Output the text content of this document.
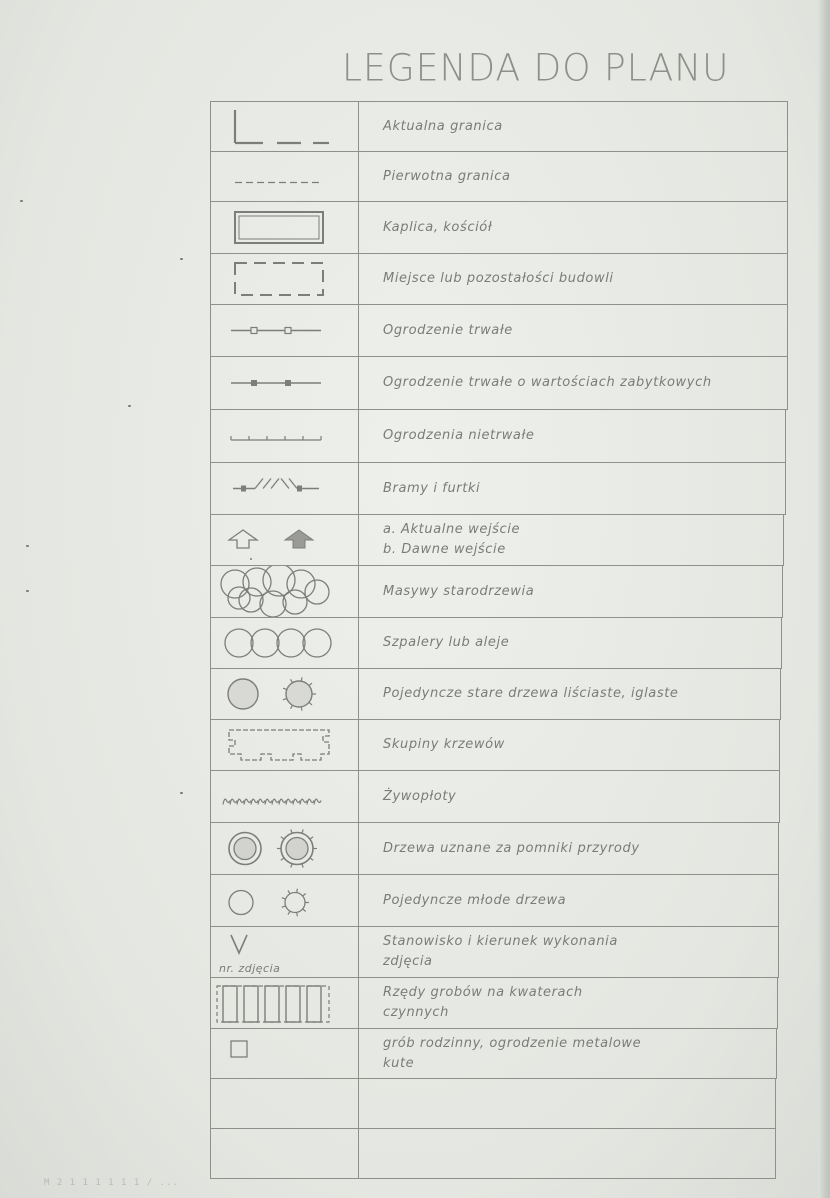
LEGENDA DO PLANU
Aktualna granica
Pierwotna granica
Kaplica, kościół
Miejsce lub pozostałości budowli
Ogrodzenie trwałe
Ogrodzenie trwałe o wartościach zabytkowych
Ogrodzenia nietrwałe
Bramy i furtki
a. Aktualne wejście
b. Dawne wejście
Masywy starodrzewia
Szpalery lub aleje
Pojedyncze stare drzewa liściaste, iglaste
Skupiny krzewów
Żywopłoty
Drzewa uznane za pomniki przyrody
Pojedyncze młode drzewa
nr. zdjęcia
Stanowisko i kierunek wykonania
zdjęcia
Rzędy grobów na kwaterach
czynnych
grób rodzinny, ogrodzenie metalowe
kute
M 2 1 1 1 1 1 1 / ...
